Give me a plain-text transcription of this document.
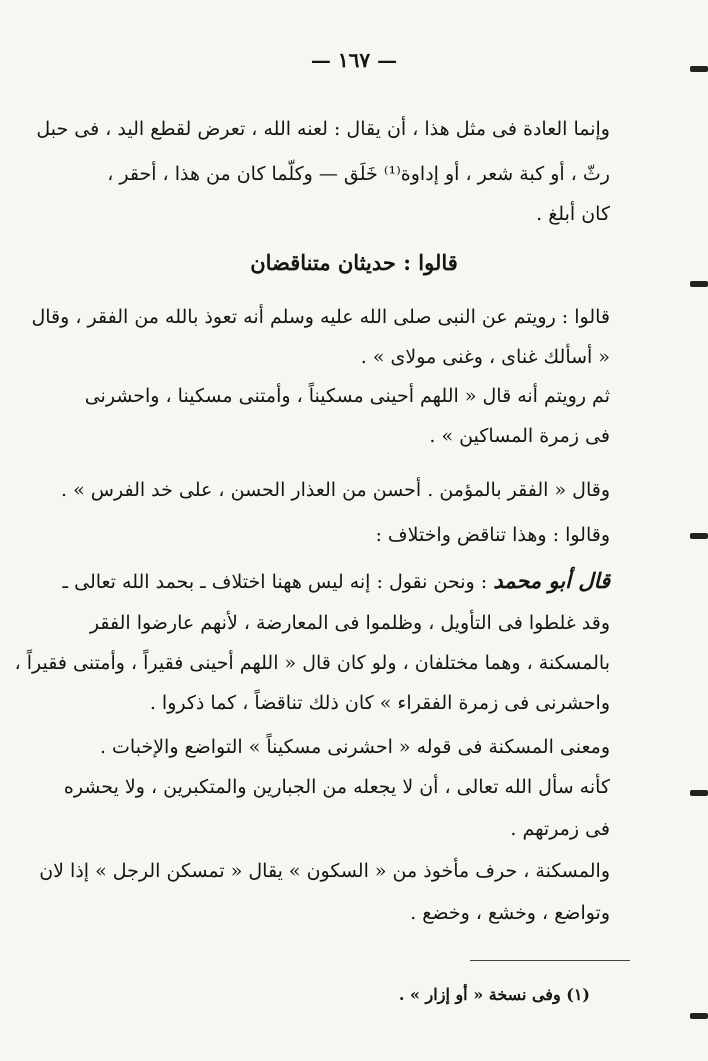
— ١٦٧ —
وإنما العادة فى مثل هذا ، أن يقال : لعنه الله ، تعرض لقطع اليد ، فى حبل
رثّ ، أو كبة شعر ، أو إداوة⁽¹⁾ خَلَق — وكلّما كان من هذا ، أحقر ،
كان أبلغ .
قالوا : حديثان متناقضان
قالوا : رويتم عن النبى صلى الله عليه وسلم أنه تعوذ بالله من الفقر ، وقال
« أسألك غناى ، وغنى مولاى » .
ثم رويتم أنه قال « اللهم أحينى مسكيناً ، وأمتنى مسكينا ، واحشرنى
فى زمرة المساكين » .
وقال « الفقر بالمؤمن . أحسن من العذار الحسن ، على خد الفرس » .
وقالوا : وهذا تناقض واختلاف :
قال أبو محمد : ونحن نقول : إنه ليس ههنا اختلاف ـ بحمد الله تعالى ـ
وقد غلطوا فى التأويل ، وظلموا فى المعارضة ، لأنهم عارضوا الفقر
بالمسكنة ، وهما مختلفان ، ولو كان قال « اللهم أحينى فقيراً ، وأمتنى فقيراً ،
واحشرنى فى زمرة الفقراء » كان ذلك تناقضاً ، كما ذكروا .
ومعنى المسكنة فى قوله « احشرنى مسكيناً » التواضع والإخبات .
كأنه سأل الله تعالى ، أن لا يجعله من الجبارين والمتكبرين ، ولا يحشره
فى زمرتهم .
والمسكنة ، حرف مأخوذ من « السكون » يقال « تمسكن الرجل » إذا لان
وتواضع ، وخشع ، وخضع .
(١) وفى نسخة « أو إزار » .
